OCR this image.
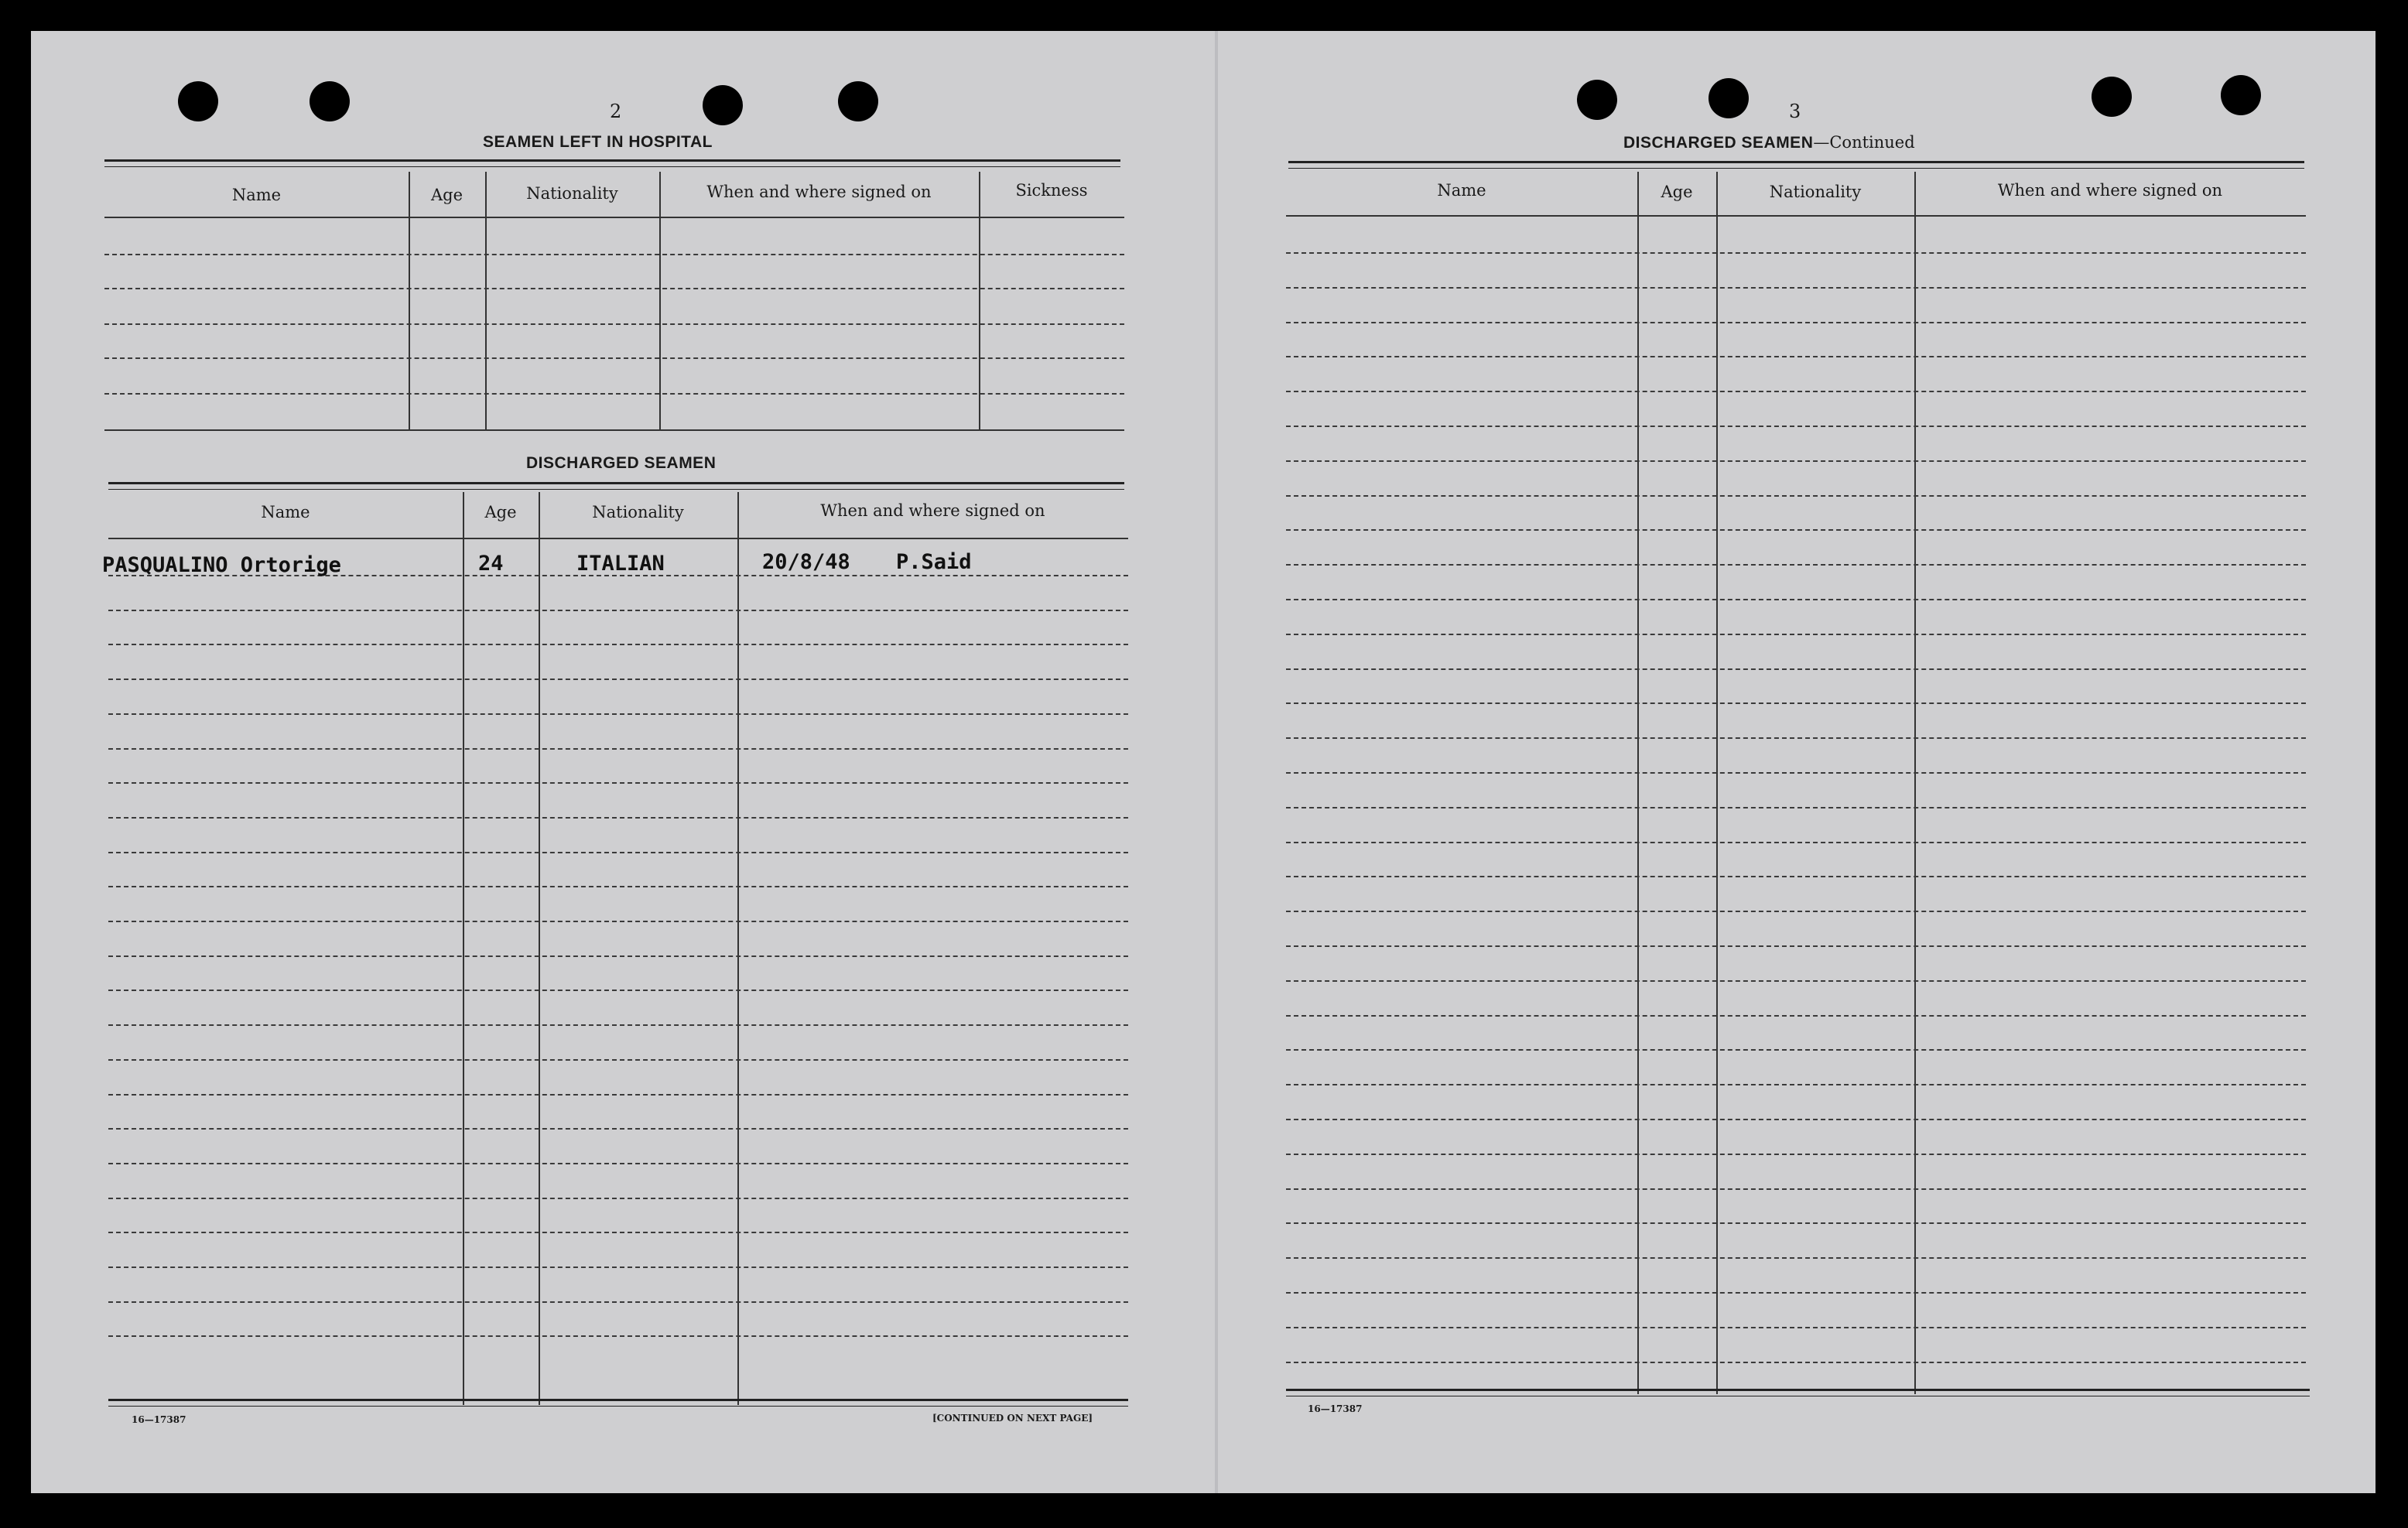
2
SEAMEN LEFT IN HOSPITAL
Name	Age	Nationality	When and where signed on	Sickness
DISCHARGED SEAMEN
Name	Age	Nationality	When and where signed on
PASQUALINO Ortorige	24	ITALIAN	20/8/48 P.Said
16—17387	[CONTINUED ON NEXT PAGE]
3
DISCHARGED SEAMEN—Continued
Name	Age	Nationality	When and where signed on
16—17387
